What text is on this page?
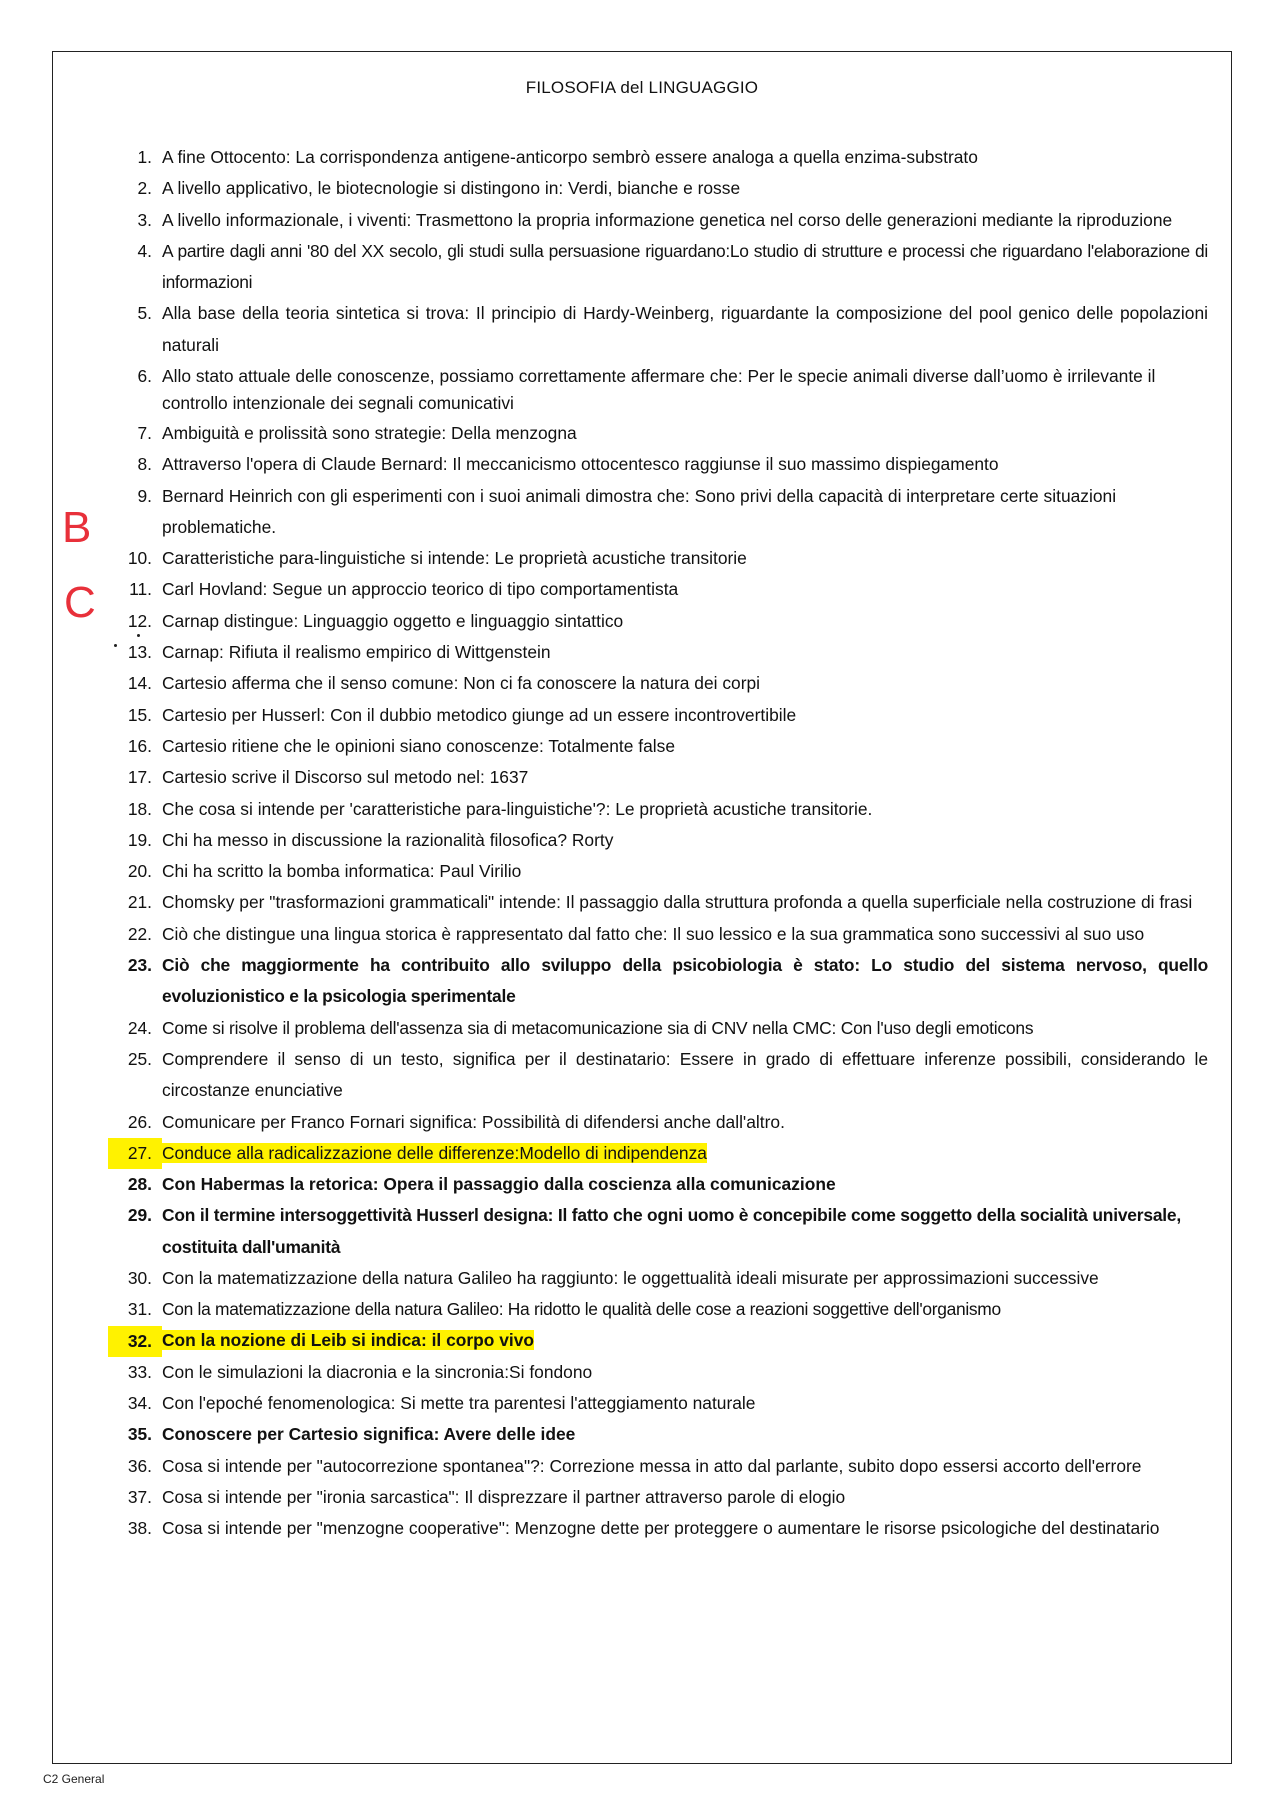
FILOSOFIA del LINGUAGGIO
B
C
1. A fine Ottocento: La corrispondenza antigene-anticorpo sembrò essere analoga a quella enzima-substrato
2. A livello applicativo, le biotecnologie si distingono in: Verdi, bianche e rosse
3. A livello informazionale, i viventi: Trasmettono la propria informazione genetica nel corso delle generazioni mediante la riproduzione
4. A partire dagli anni '80 del XX secolo, gli studi sulla persuasione riguardano:Lo studio di strutture e processi che riguardano l'elaborazione di informazioni
5. Alla base della teoria sintetica si trova: Il principio di Hardy-Weinberg, riguardante la composizione del pool genico delle popolazioni naturali
6. Allo stato attuale delle conoscenze, possiamo correttamente affermare che: Per le specie animali diverse dall’uomo è irrilevante il controllo intenzionale dei segnali comunicativi
7. Ambiguità e prolissità sono strategie: Della menzogna
8. Attraverso l'opera di Claude Bernard: Il meccanicismo ottocentesco raggiunse il suo massimo dispiegamento
9. Bernard Heinrich con gli esperimenti con i suoi animali dimostra che: Sono privi della capacità di interpretare certe situazioni problematiche.
10. Caratteristiche para-linguistiche si intende: Le proprietà acustiche transitorie
11. Carl Hovland: Segue un approccio teorico di tipo comportamentista
12. Carnap distingue: Linguaggio oggetto e linguaggio sintattico
13. Carnap: Rifiuta il realismo empirico di Wittgenstein
14. Cartesio afferma che il senso comune: Non ci fa conoscere la natura dei corpi
15. Cartesio per Husserl: Con il dubbio metodico giunge ad un essere incontrovertibile
16. Cartesio ritiene che le opinioni siano conoscenze: Totalmente false
17. Cartesio scrive il Discorso sul metodo nel: 1637
18. Che cosa si intende per 'caratteristiche para-linguistiche'?: Le proprietà acustiche transitorie.
19. Chi ha messo in discussione la razionalità filosofica? Rorty
20. Chi ha scritto la bomba informatica: Paul Virilio
21. Chomsky per "trasformazioni grammaticali" intende: Il passaggio dalla struttura profonda a quella superficiale nella costruzione di frasi
22. Ciò che distingue una lingua storica è rappresentato dal fatto che: Il suo lessico e la sua grammatica sono successivi al suo uso
23. Ciò che maggiormente ha contribuito allo sviluppo della psicobiologia è stato: Lo studio del sistema nervoso, quello evoluzionistico e la psicologia sperimentale
24. Come si risolve il problema dell'assenza sia di metacomunicazione sia di CNV nella CMC: Con l'uso degli emoticons
25. Comprendere il senso di un testo, significa per il destinatario: Essere in grado di effettuare inferenze possibili, considerando le circostanze enunciative
26. Comunicare per Franco Fornari significa: Possibilità di difendersi anche dall'altro.
27. Conduce alla radicalizzazione delle differenze:Modello di indipendenza
28. Con Habermas la retorica: Opera il passaggio dalla coscienza alla comunicazione
29. Con il termine intersoggettività Husserl designa: Il fatto che ogni uomo è concepibile come soggetto della socialità universale, costituita dall'umanità
30. Con la matematizzazione della natura Galileo ha raggiunto: le oggettualità ideali misurate per approssimazioni successive
31. Con la matematizzazione della natura Galileo: Ha ridotto le qualità delle cose a reazioni soggettive dell'organismo
32. Con la nozione di Leib si indica: il corpo vivo
33. Con le simulazioni la diacronia e la sincronia:Si fondono
34. Con l'epoché fenomenologica: Si mette tra parentesi l'atteggiamento naturale
35. Conoscere per Cartesio significa: Avere delle idee
36. Cosa si intende per "autocorrezione spontanea"?: Correzione messa in atto dal parlante, subito dopo essersi accorto dell'errore
37. Cosa si intende per "ironia sarcastica": Il disprezzare il partner attraverso parole di elogio
38. Cosa si intende per "menzogne cooperative": Menzogne dette per proteggere o aumentare le risorse psicologiche del destinatario
C2 General
